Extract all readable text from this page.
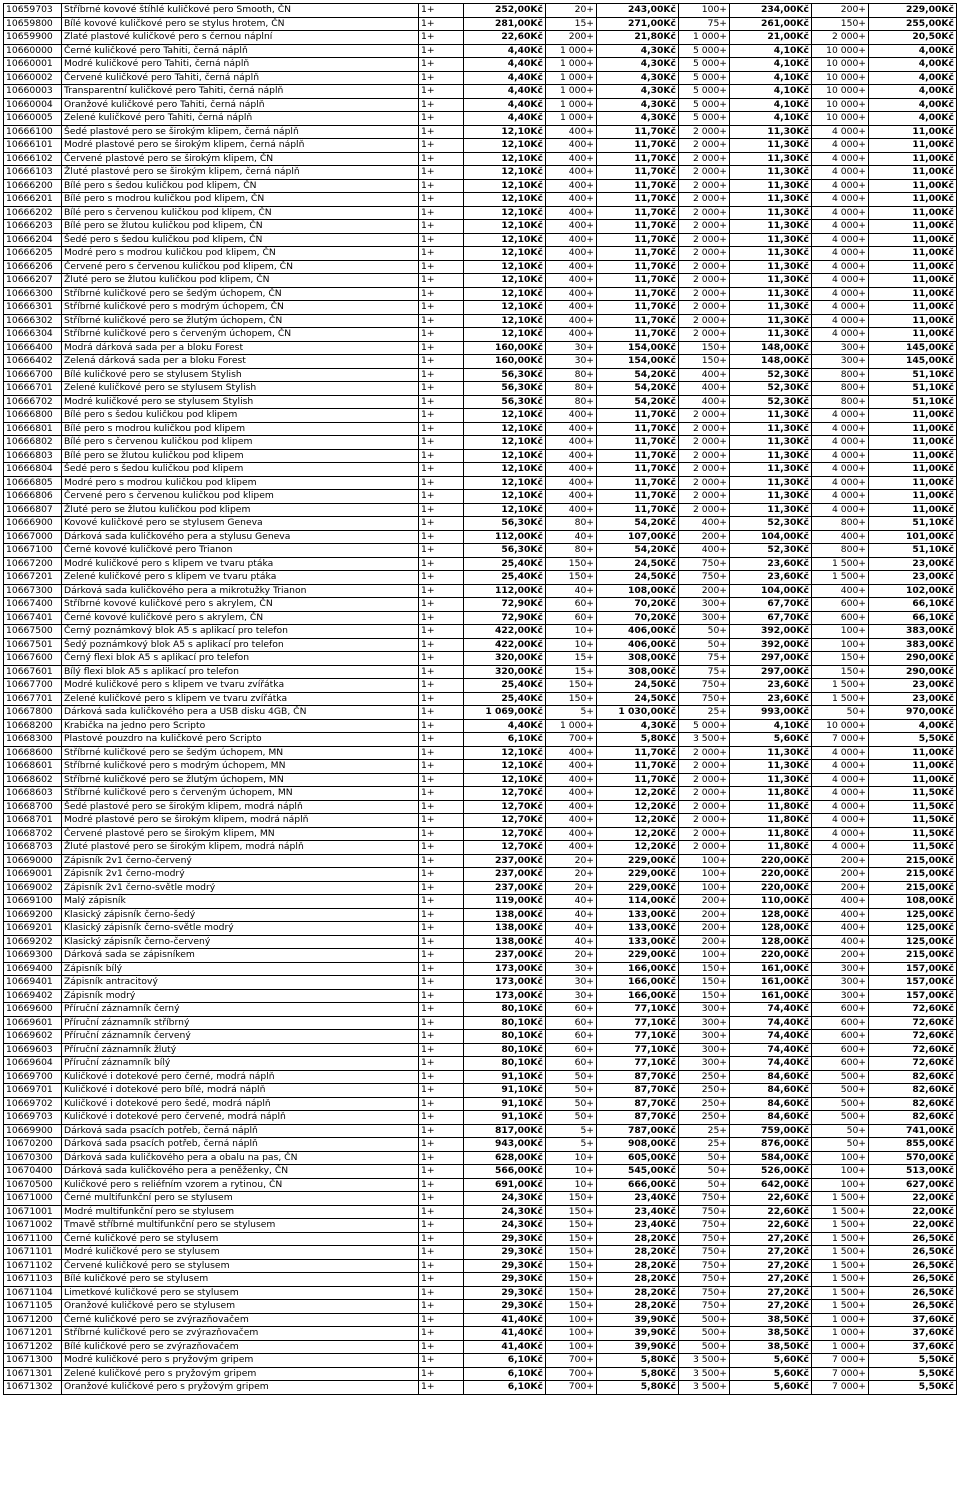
10659703	Stříbrné kovové štíhlé kuličkové pero Smooth, ČN	1+	252,00Kč	20+	243,00Kč	100+	234,00Kč	200+	229,00Kč
10659800	Bílé kovové kuličkové pero se stylus hrotem, ČN	1+	281,00Kč	15+	271,00Kč	75+	261,00Kč	150+	255,00Kč
10659900	Zlaté plastové kuličkové pero s černou náplní	1+	22,60Kč	200+	21,80Kč	1 000+	21,00Kč	2 000+	20,50Kč
10660000	Černé kuličkové pero Tahiti, černá náplň	1+	4,40Kč	1 000+	4,30Kč	5 000+	4,10Kč	10 000+	4,00Kč
10660001	Modré kuličkové pero Tahiti, černá náplň	1+	4,40Kč	1 000+	4,30Kč	5 000+	4,10Kč	10 000+	4,00Kč
10660002	Červené kuličkové pero Tahiti, černá náplň	1+	4,40Kč	1 000+	4,30Kč	5 000+	4,10Kč	10 000+	4,00Kč
10660003	Transparentní kuličkové pero Tahiti, černá náplň	1+	4,40Kč	1 000+	4,30Kč	5 000+	4,10Kč	10 000+	4,00Kč
10660004	Oranžové kuličkové pero Tahiti, černá náplň	1+	4,40Kč	1 000+	4,30Kč	5 000+	4,10Kč	10 000+	4,00Kč
10660005	Zelené kuličkové pero Tahiti, černá náplň	1+	4,40Kč	1 000+	4,30Kč	5 000+	4,10Kč	10 000+	4,00Kč
10666100	Šedé plastové pero se širokým klipem, černá náplň	1+	12,10Kč	400+	11,70Kč	2 000+	11,30Kč	4 000+	11,00Kč
10666101	Modré plastové pero se širokým klipem, černá náplň	1+	12,10Kč	400+	11,70Kč	2 000+	11,30Kč	4 000+	11,00Kč
10666102	Červené plastové pero se širokým klipem, ČN	1+	12,10Kč	400+	11,70Kč	2 000+	11,30Kč	4 000+	11,00Kč
10666103	Žluté plastové pero se širokým klipem, černá náplň	1+	12,10Kč	400+	11,70Kč	2 000+	11,30Kč	4 000+	11,00Kč
10666200	Bílé pero s šedou kuličkou pod klipem, ČN	1+	12,10Kč	400+	11,70Kč	2 000+	11,30Kč	4 000+	11,00Kč
10666201	Bílé pero s modrou kuličkou pod klipem, ČN	1+	12,10Kč	400+	11,70Kč	2 000+	11,30Kč	4 000+	11,00Kč
10666202	Bílé pero s červenou kuličkou pod klipem, ČN	1+	12,10Kč	400+	11,70Kč	2 000+	11,30Kč	4 000+	11,00Kč
10666203	Bílé pero se žlutou kuličkou pod klipem, ČN	1+	12,10Kč	400+	11,70Kč	2 000+	11,30Kč	4 000+	11,00Kč
10666204	Šedé pero s šedou kuličkou pod klipem, ČN	1+	12,10Kč	400+	11,70Kč	2 000+	11,30Kč	4 000+	11,00Kč
10666205	Modré pero s modrou kuličkou pod klipem, ČN	1+	12,10Kč	400+	11,70Kč	2 000+	11,30Kč	4 000+	11,00Kč
10666206	Červené pero s červenou kuličkou pod klipem, ČN	1+	12,10Kč	400+	11,70Kč	2 000+	11,30Kč	4 000+	11,00Kč
10666207	Žluté pero se žlutou kuličkou pod klipem, ČN	1+	12,10Kč	400+	11,70Kč	2 000+	11,30Kč	4 000+	11,00Kč
10666300	Stříbrné kuličkové pero se šedým úchopem, ČN	1+	12,10Kč	400+	11,70Kč	2 000+	11,30Kč	4 000+	11,00Kč
10666301	Stříbrné kuličkové pero s modrým úchopem, ČN	1+	12,10Kč	400+	11,70Kč	2 000+	11,30Kč	4 000+	11,00Kč
10666302	Stříbrné kuličkové pero se žlutým úchopem, ČN	1+	12,10Kč	400+	11,70Kč	2 000+	11,30Kč	4 000+	11,00Kč
10666304	Stříbrné kuličkové pero s červeným úchopem, ČN	1+	12,10Kč	400+	11,70Kč	2 000+	11,30Kč	4 000+	11,00Kč
10666400	Modrá dárková sada per a bloku Forest	1+	160,00Kč	30+	154,00Kč	150+	148,00Kč	300+	145,00Kč
10666402	Zelená dárková sada per a bloku Forest	1+	160,00Kč	30+	154,00Kč	150+	148,00Kč	300+	145,00Kč
10666700	Bílé kuličkové pero se stylusem Stylish	1+	56,30Kč	80+	54,20Kč	400+	52,30Kč	800+	51,10Kč
10666701	Zelené kuličkové pero se stylusem Stylish	1+	56,30Kč	80+	54,20Kč	400+	52,30Kč	800+	51,10Kč
10666702	Modré kuličkové pero se stylusem Stylish	1+	56,30Kč	80+	54,20Kč	400+	52,30Kč	800+	51,10Kč
10666800	Bílé pero s šedou kuličkou pod klipem	1+	12,10Kč	400+	11,70Kč	2 000+	11,30Kč	4 000+	11,00Kč
10666801	Bílé pero s modrou kuličkou pod klipem	1+	12,10Kč	400+	11,70Kč	2 000+	11,30Kč	4 000+	11,00Kč
10666802	Bílé pero s červenou kuličkou pod klipem	1+	12,10Kč	400+	11,70Kč	2 000+	11,30Kč	4 000+	11,00Kč
10666803	Bílé pero se žlutou kuličkou pod klipem	1+	12,10Kč	400+	11,70Kč	2 000+	11,30Kč	4 000+	11,00Kč
10666804	Šedé pero s šedou kuličkou pod klipem	1+	12,10Kč	400+	11,70Kč	2 000+	11,30Kč	4 000+	11,00Kč
10666805	Modré pero s modrou kuličkou pod klipem	1+	12,10Kč	400+	11,70Kč	2 000+	11,30Kč	4 000+	11,00Kč
10666806	Červené pero s červenou kuličkou pod klipem	1+	12,10Kč	400+	11,70Kč	2 000+	11,30Kč	4 000+	11,00Kč
10666807	Žluté pero se žlutou kuličkou pod klipem	1+	12,10Kč	400+	11,70Kč	2 000+	11,30Kč	4 000+	11,00Kč
10666900	Kovové kuličkové pero se stylusem Geneva	1+	56,30Kč	80+	54,20Kč	400+	52,30Kč	800+	51,10Kč
10667000	Dárková sada kuličkového pera a stylusu Geneva	1+	112,00Kč	40+	107,00Kč	200+	104,00Kč	400+	101,00Kč
10667100	Černé kovové kuličkové pero Trianon	1+	56,30Kč	80+	54,20Kč	400+	52,30Kč	800+	51,10Kč
10667200	Modré kuličkové pero s klipem ve tvaru ptáka	1+	25,40Kč	150+	24,50Kč	750+	23,60Kč	1 500+	23,00Kč
10667201	Zelené kuličkové pero s klipem ve tvaru ptáka	1+	25,40Kč	150+	24,50Kč	750+	23,60Kč	1 500+	23,00Kč
10667300	Dárková sada kuličkového pera a mikrotužky Trianon	1+	112,00Kč	40+	108,00Kč	200+	104,00Kč	400+	102,00Kč
10667400	Stříbrné kovové kuličkové pero s akrylem, ČN	1+	72,90Kč	60+	70,20Kč	300+	67,70Kč	600+	66,10Kč
10667401	Černé kovové kuličkové pero s akrylem, ČN	1+	72,90Kč	60+	70,20Kč	300+	67,70Kč	600+	66,10Kč
10667500	Černý poznámkový blok A5 s aplikací pro telefon	1+	422,00Kč	10+	406,00Kč	50+	392,00Kč	100+	383,00Kč
10667501	Šedý poznámkový blok A5 s aplikací pro telefon	1+	422,00Kč	10+	406,00Kč	50+	392,00Kč	100+	383,00Kč
10667600	Černý flexi blok A5 s aplikací pro telefon	1+	320,00Kč	15+	308,00Kč	75+	297,00Kč	150+	290,00Kč
10667601	Bílý flexi blok A5 s aplikací pro telefon	1+	320,00Kč	15+	308,00Kč	75+	297,00Kč	150+	290,00Kč
10667700	Modré kuličkové pero s klipem ve tvaru zvířátka	1+	25,40Kč	150+	24,50Kč	750+	23,60Kč	1 500+	23,00Kč
10667701	Zelené kuličkové pero s klipem ve tvaru zvířátka	1+	25,40Kč	150+	24,50Kč	750+	23,60Kč	1 500+	23,00Kč
10667800	Dárková sada kuličkového pera a USB disku 4GB, ČN	1+	1 069,00Kč	5+	1 030,00Kč	25+	993,00Kč	50+	970,00Kč
10668200	Krabička na jedno pero Scripto	1+	4,40Kč	1 000+	4,30Kč	5 000+	4,10Kč	10 000+	4,00Kč
10668300	Plastové pouzdro na kuličkové pero Scripto	1+	6,10Kč	700+	5,80Kč	3 500+	5,60Kč	7 000+	5,50Kč
10668600	Stříbrné kuličkové pero se šedým úchopem, MN	1+	12,10Kč	400+	11,70Kč	2 000+	11,30Kč	4 000+	11,00Kč
10668601	Stříbrné kuličkové pero s modrým úchopem, MN	1+	12,10Kč	400+	11,70Kč	2 000+	11,30Kč	4 000+	11,00Kč
10668602	Stříbrné kuličkové pero se žlutým úchopem, MN	1+	12,10Kč	400+	11,70Kč	2 000+	11,30Kč	4 000+	11,00Kč
10668603	Stříbrné kuličkové pero s červeným úchopem, MN	1+	12,70Kč	400+	12,20Kč	2 000+	11,80Kč	4 000+	11,50Kč
10668700	Šedé plastové pero se širokým klipem, modrá náplň	1+	12,70Kč	400+	12,20Kč	2 000+	11,80Kč	4 000+	11,50Kč
10668701	Modré plastové pero se širokým klipem, modrá náplň	1+	12,70Kč	400+	12,20Kč	2 000+	11,80Kč	4 000+	11,50Kč
10668702	Červené plastové pero se širokým klipem, MN	1+	12,70Kč	400+	12,20Kč	2 000+	11,80Kč	4 000+	11,50Kč
10668703	Žluté plastové pero se širokým klipem, modrá náplň	1+	12,70Kč	400+	12,20Kč	2 000+	11,80Kč	4 000+	11,50Kč
10669000	Zápisník 2v1 černo-červený	1+	237,00Kč	20+	229,00Kč	100+	220,00Kč	200+	215,00Kč
10669001	Zápisník 2v1 černo-modrý	1+	237,00Kč	20+	229,00Kč	100+	220,00Kč	200+	215,00Kč
10669002	Zápisník 2v1 černo-světle modrý	1+	237,00Kč	20+	229,00Kč	100+	220,00Kč	200+	215,00Kč
10669100	Malý zápisník	1+	119,00Kč	40+	114,00Kč	200+	110,00Kč	400+	108,00Kč
10669200	Klasický zápisník černo-šedý	1+	138,00Kč	40+	133,00Kč	200+	128,00Kč	400+	125,00Kč
10669201	Klasický zápisník černo-světle modrý	1+	138,00Kč	40+	133,00Kč	200+	128,00Kč	400+	125,00Kč
10669202	Klasický zápisník černo-červený	1+	138,00Kč	40+	133,00Kč	200+	128,00Kč	400+	125,00Kč
10669300	Dárková sada se zápisníkem	1+	237,00Kč	20+	229,00Kč	100+	220,00Kč	200+	215,00Kč
10669400	Zápisník bílý	1+	173,00Kč	30+	166,00Kč	150+	161,00Kč	300+	157,00Kč
10669401	Zápisník antracitový	1+	173,00Kč	30+	166,00Kč	150+	161,00Kč	300+	157,00Kč
10669402	Zápisník modrý	1+	173,00Kč	30+	166,00Kč	150+	161,00Kč	300+	157,00Kč
10669600	Příruční záznamník černý	1+	80,10Kč	60+	77,10Kč	300+	74,40Kč	600+	72,60Kč
10669601	Příruční záznamník stříbrný	1+	80,10Kč	60+	77,10Kč	300+	74,40Kč	600+	72,60Kč
10669602	Příruční záznamník červený	1+	80,10Kč	60+	77,10Kč	300+	74,40Kč	600+	72,60Kč
10669603	Příruční záznamník žlutý	1+	80,10Kč	60+	77,10Kč	300+	74,40Kč	600+	72,60Kč
10669604	Příruční záznamník bílý	1+	80,10Kč	60+	77,10Kč	300+	74,40Kč	600+	72,60Kč
10669700	Kuličkové i dotekové pero černé, modrá náplň	1+	91,10Kč	50+	87,70Kč	250+	84,60Kč	500+	82,60Kč
10669701	Kuličkové i dotekové pero bílé, modrá náplň	1+	91,10Kč	50+	87,70Kč	250+	84,60Kč	500+	82,60Kč
10669702	Kuličkové i dotekové pero šedé, modrá náplň	1+	91,10Kč	50+	87,70Kč	250+	84,60Kč	500+	82,60Kč
10669703	Kuličkové i dotekové pero červené, modrá náplň	1+	91,10Kč	50+	87,70Kč	250+	84,60Kč	500+	82,60Kč
10669900	Dárková sada psacích potřeb, černá náplň	1+	817,00Kč	5+	787,00Kč	25+	759,00Kč	50+	741,00Kč
10670200	Dárková sada psacích potřeb, černá náplň	1+	943,00Kč	5+	908,00Kč	25+	876,00Kč	50+	855,00Kč
10670300	Dárková sada kuličkového pera a obalu na pas, ČN	1+	628,00Kč	10+	605,00Kč	50+	584,00Kč	100+	570,00Kč
10670400	Dárková sada kuličkového pera a peněženky, ČN	1+	566,00Kč	10+	545,00Kč	50+	526,00Kč	100+	513,00Kč
10670500	Kuličkové pero s reliéfním vzorem a rytinou, ČN	1+	691,00Kč	10+	666,00Kč	50+	642,00Kč	100+	627,00Kč
10671000	Černé multifunkční pero se stylusem	1+	24,30Kč	150+	23,40Kč	750+	22,60Kč	1 500+	22,00Kč
10671001	Modré multifunkční pero se stylusem	1+	24,30Kč	150+	23,40Kč	750+	22,60Kč	1 500+	22,00Kč
10671002	Tmavě stříbrné multifunkční pero se stylusem	1+	24,30Kč	150+	23,40Kč	750+	22,60Kč	1 500+	22,00Kč
10671100	Černé kuličkové pero se stylusem	1+	29,30Kč	150+	28,20Kč	750+	27,20Kč	1 500+	26,50Kč
10671101	Modré kuličkové pero se stylusem	1+	29,30Kč	150+	28,20Kč	750+	27,20Kč	1 500+	26,50Kč
10671102	Červené kuličkové pero se stylusem	1+	29,30Kč	150+	28,20Kč	750+	27,20Kč	1 500+	26,50Kč
10671103	Bílé kuličkové pero se stylusem	1+	29,30Kč	150+	28,20Kč	750+	27,20Kč	1 500+	26,50Kč
10671104	Limetkové kuličkové pero se stylusem	1+	29,30Kč	150+	28,20Kč	750+	27,20Kč	1 500+	26,50Kč
10671105	Oranžové kuličkové pero se stylusem	1+	29,30Kč	150+	28,20Kč	750+	27,20Kč	1 500+	26,50Kč
10671200	Černé kuličkové pero se zvýrazňovačem	1+	41,40Kč	100+	39,90Kč	500+	38,50Kč	1 000+	37,60Kč
10671201	Stříbrné kuličkové pero se zvýrazňovačem	1+	41,40Kč	100+	39,90Kč	500+	38,50Kč	1 000+	37,60Kč
10671202	Bílé kuličkové pero se zvýrazňovačem	1+	41,40Kč	100+	39,90Kč	500+	38,50Kč	1 000+	37,60Kč
10671300	Modré kuličkové pero s pryžovým gripem	1+	6,10Kč	700+	5,80Kč	3 500+	5,60Kč	7 000+	5,50Kč
10671301	Zelené kuličkové pero s pryžovým gripem	1+	6,10Kč	700+	5,80Kč	3 500+	5,60Kč	7 000+	5,50Kč
10671302	Oranžové kuličkové pero s pryžovým gripem	1+	6,10Kč	700+	5,80Kč	3 500+	5,60Kč	7 000+	5,50Kč
